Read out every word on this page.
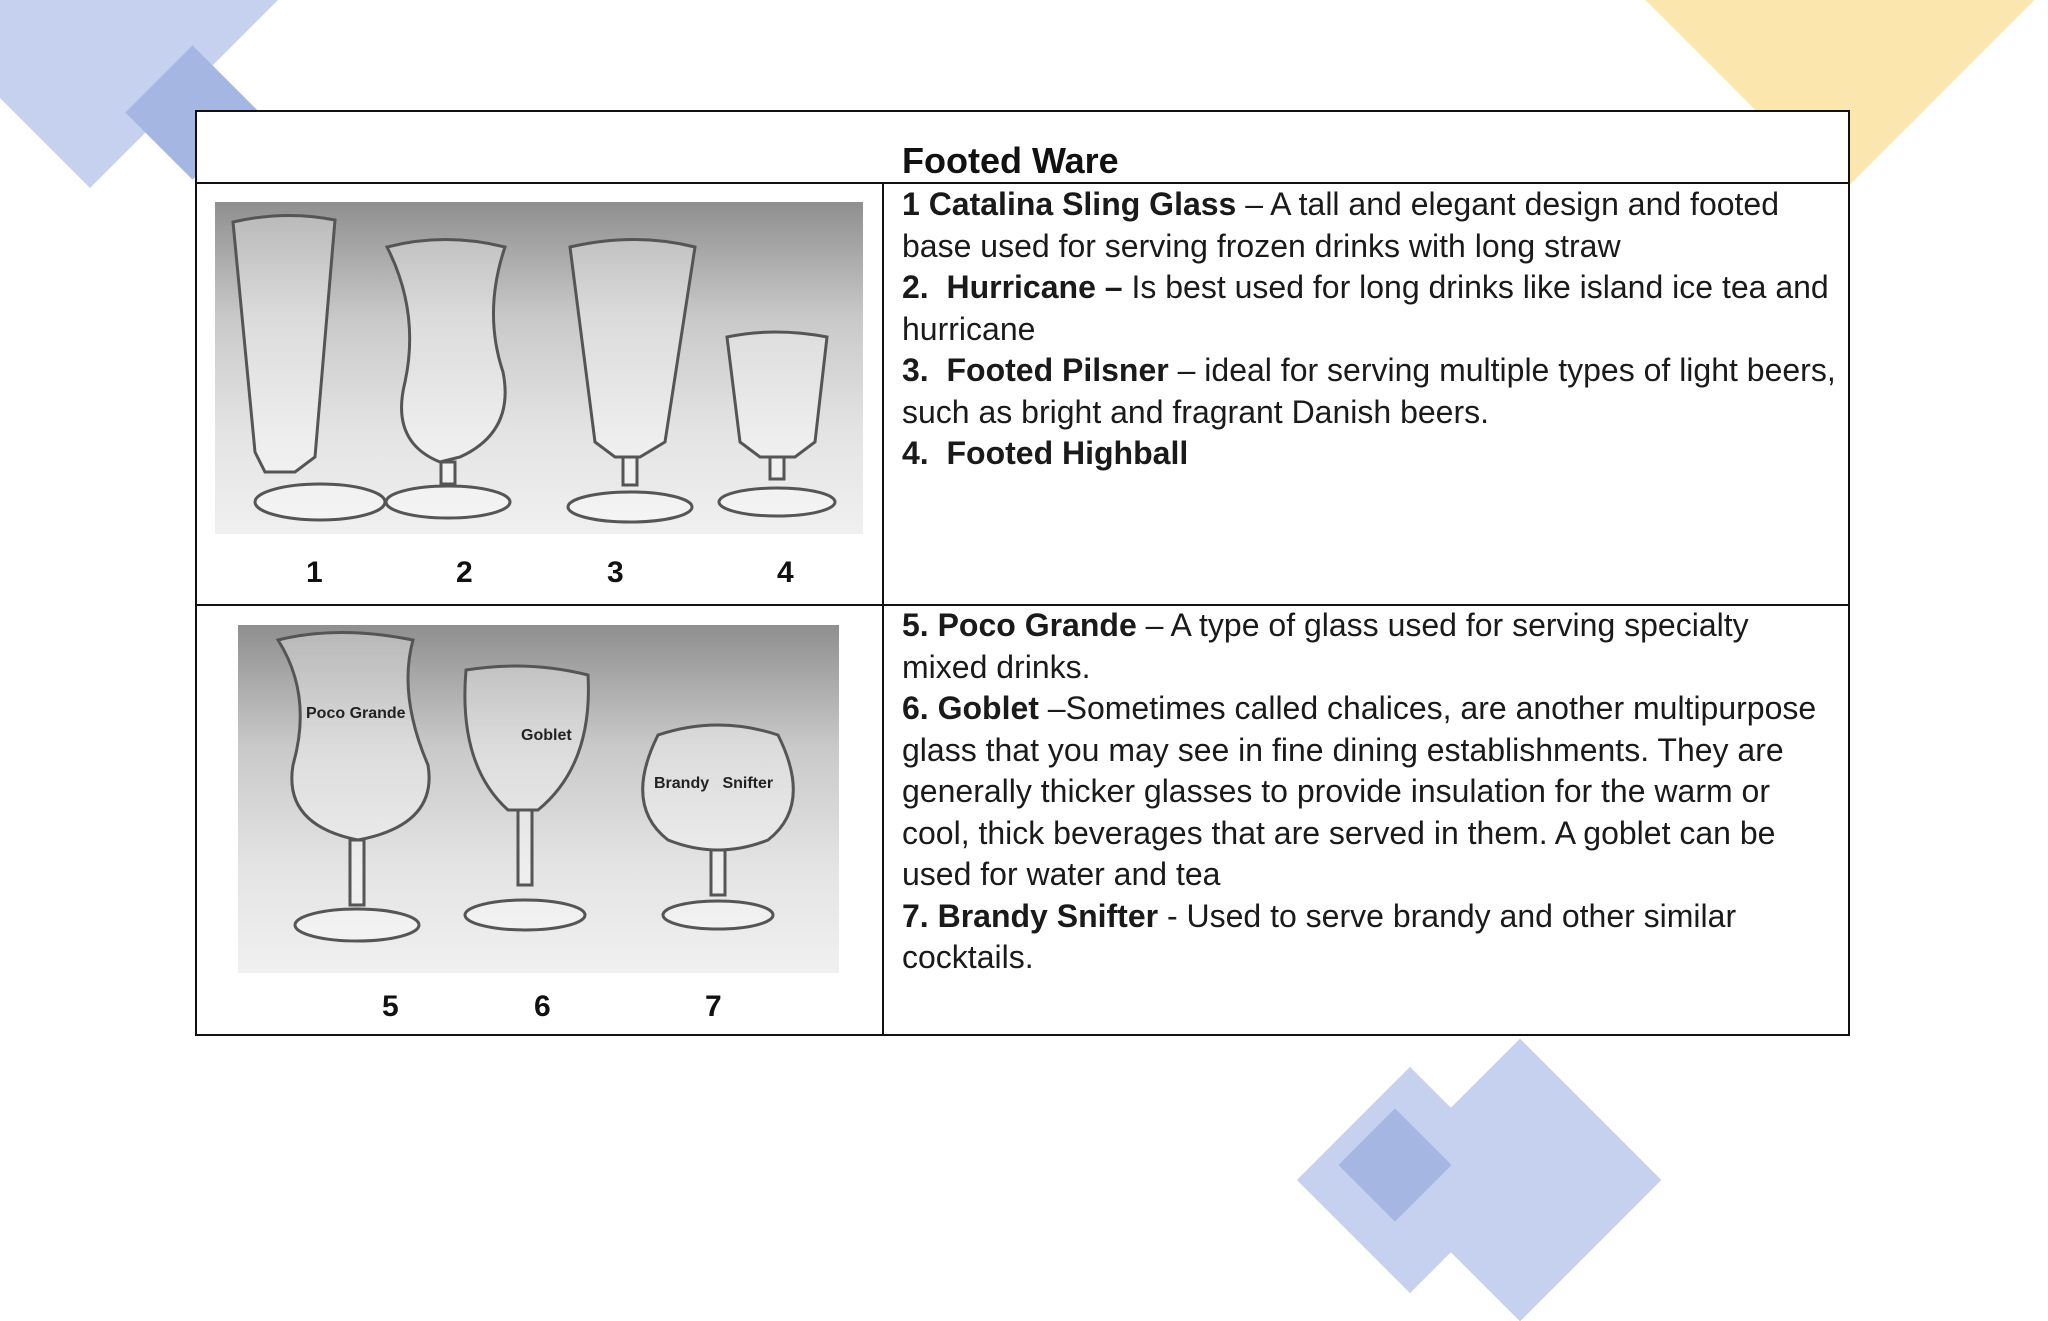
Footed Ware
1	2	3	4

1 Catalina Sling Glass – A tall and elegant design and footed base used for serving frozen drinks with long straw

2. Hurricane – Is best used for long drinks like island ice tea and hurricane

3. Footed Pilsner – ideal for serving multiple types of light beers, such as bright and fragrant Danish beers.

4. Footed Highball

Poco Grande
Goblet
Brandy   Snifter
5	6	7

5. Poco Grande – A type of glass used for serving specialty mixed drinks.

6. Goblet –Sometimes called chalices, are another multipurpose glass that you may see in fine dining establishments. They are generally thicker glasses to provide insulation for the warm or cool, thick beverages that are served in them. A goblet can be used for water and tea

7. Brandy Snifter - Used to serve brandy and other similar cocktails.
